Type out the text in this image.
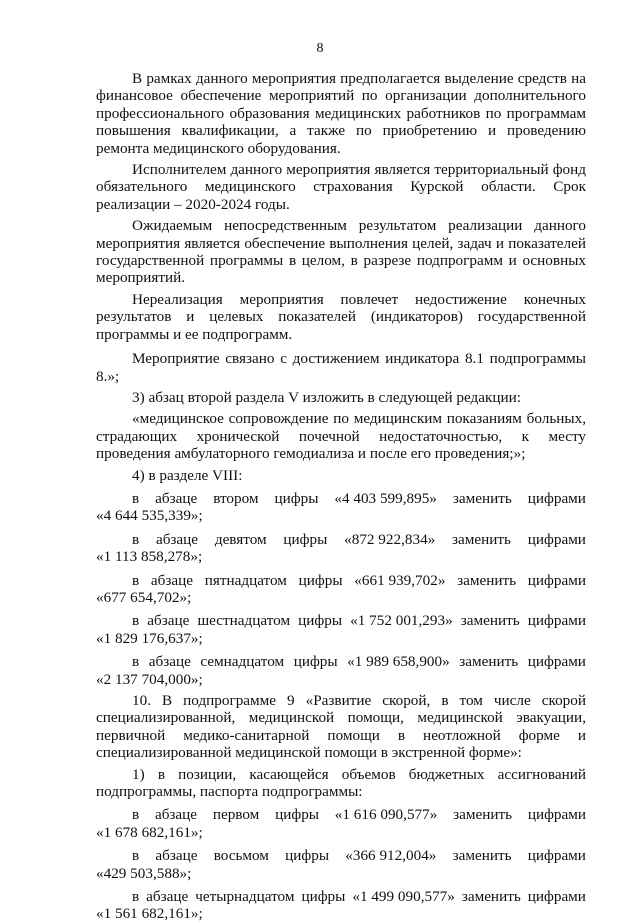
8

В рамках данного мероприятия предполагается выделение средств на финансовое обеспечение мероприятий по организации дополнительного профессионального образования медицинских работников по программам повышения квалификации, а также по приобретению и проведению ремонта медицинского оборудования.

Исполнителем данного мероприятия является территориальный фонд обязательного медицинского страхования Курской области. Срок реализации – 2020-2024 годы.

Ожидаемым непосредственным результатом реализации данного мероприятия является обеспечение выполнения целей, задач и показателей государственной программы в целом, в разрезе подпрограмм и основных мероприятий.

Нереализация мероприятия повлечет недостижение конечных результатов и целевых показателей (индикаторов) государственной программы и ее подпрограмм.

Мероприятие связано с достижением индикатора 8.1 подпрограммы 8.»;

3) абзац второй раздела V изложить в следующей редакции:

«медицинское сопровождение по медицинским показаниям больных, страдающих хронической почечной недостаточностью, к месту проведения амбулаторного гемодиализа и после его проведения;»;

4) в разделе VIII:

в абзаце втором цифры «4 403 599,895» заменить цифрами

«4 644 535,339»;

в абзаце девятом цифры «872 922,834» заменить цифрами

«1 113 858,278»;

в абзаце пятнадцатом цифры «661 939,702» заменить цифрами

«677 654,702»;

в абзаце шестнадцатом цифры «1 752 001,293» заменить цифрами

«1 829 176,637»;

в абзаце семнадцатом цифры «1 989 658,900» заменить цифрами

«2 137 704,000»;

10. В подпрограмме 9 «Развитие скорой, в том числе скорой специализированной, медицинской помощи, медицинской эвакуации, первичной медико-санитарной помощи в неотложной форме и специализированной медицинской помощи в экстренной форме»:

1) в позиции, касающейся объемов бюджетных ассигнований подпрограммы, паспорта подпрограммы:

в абзаце первом цифры «1 616 090,577» заменить цифрами

«1 678 682,161»;

в абзаце восьмом цифры «366 912,004» заменить цифрами

«429 503,588»;

в абзаце четырнадцатом цифры «1 499 090,577» заменить цифрами

«1 561 682,161»;
